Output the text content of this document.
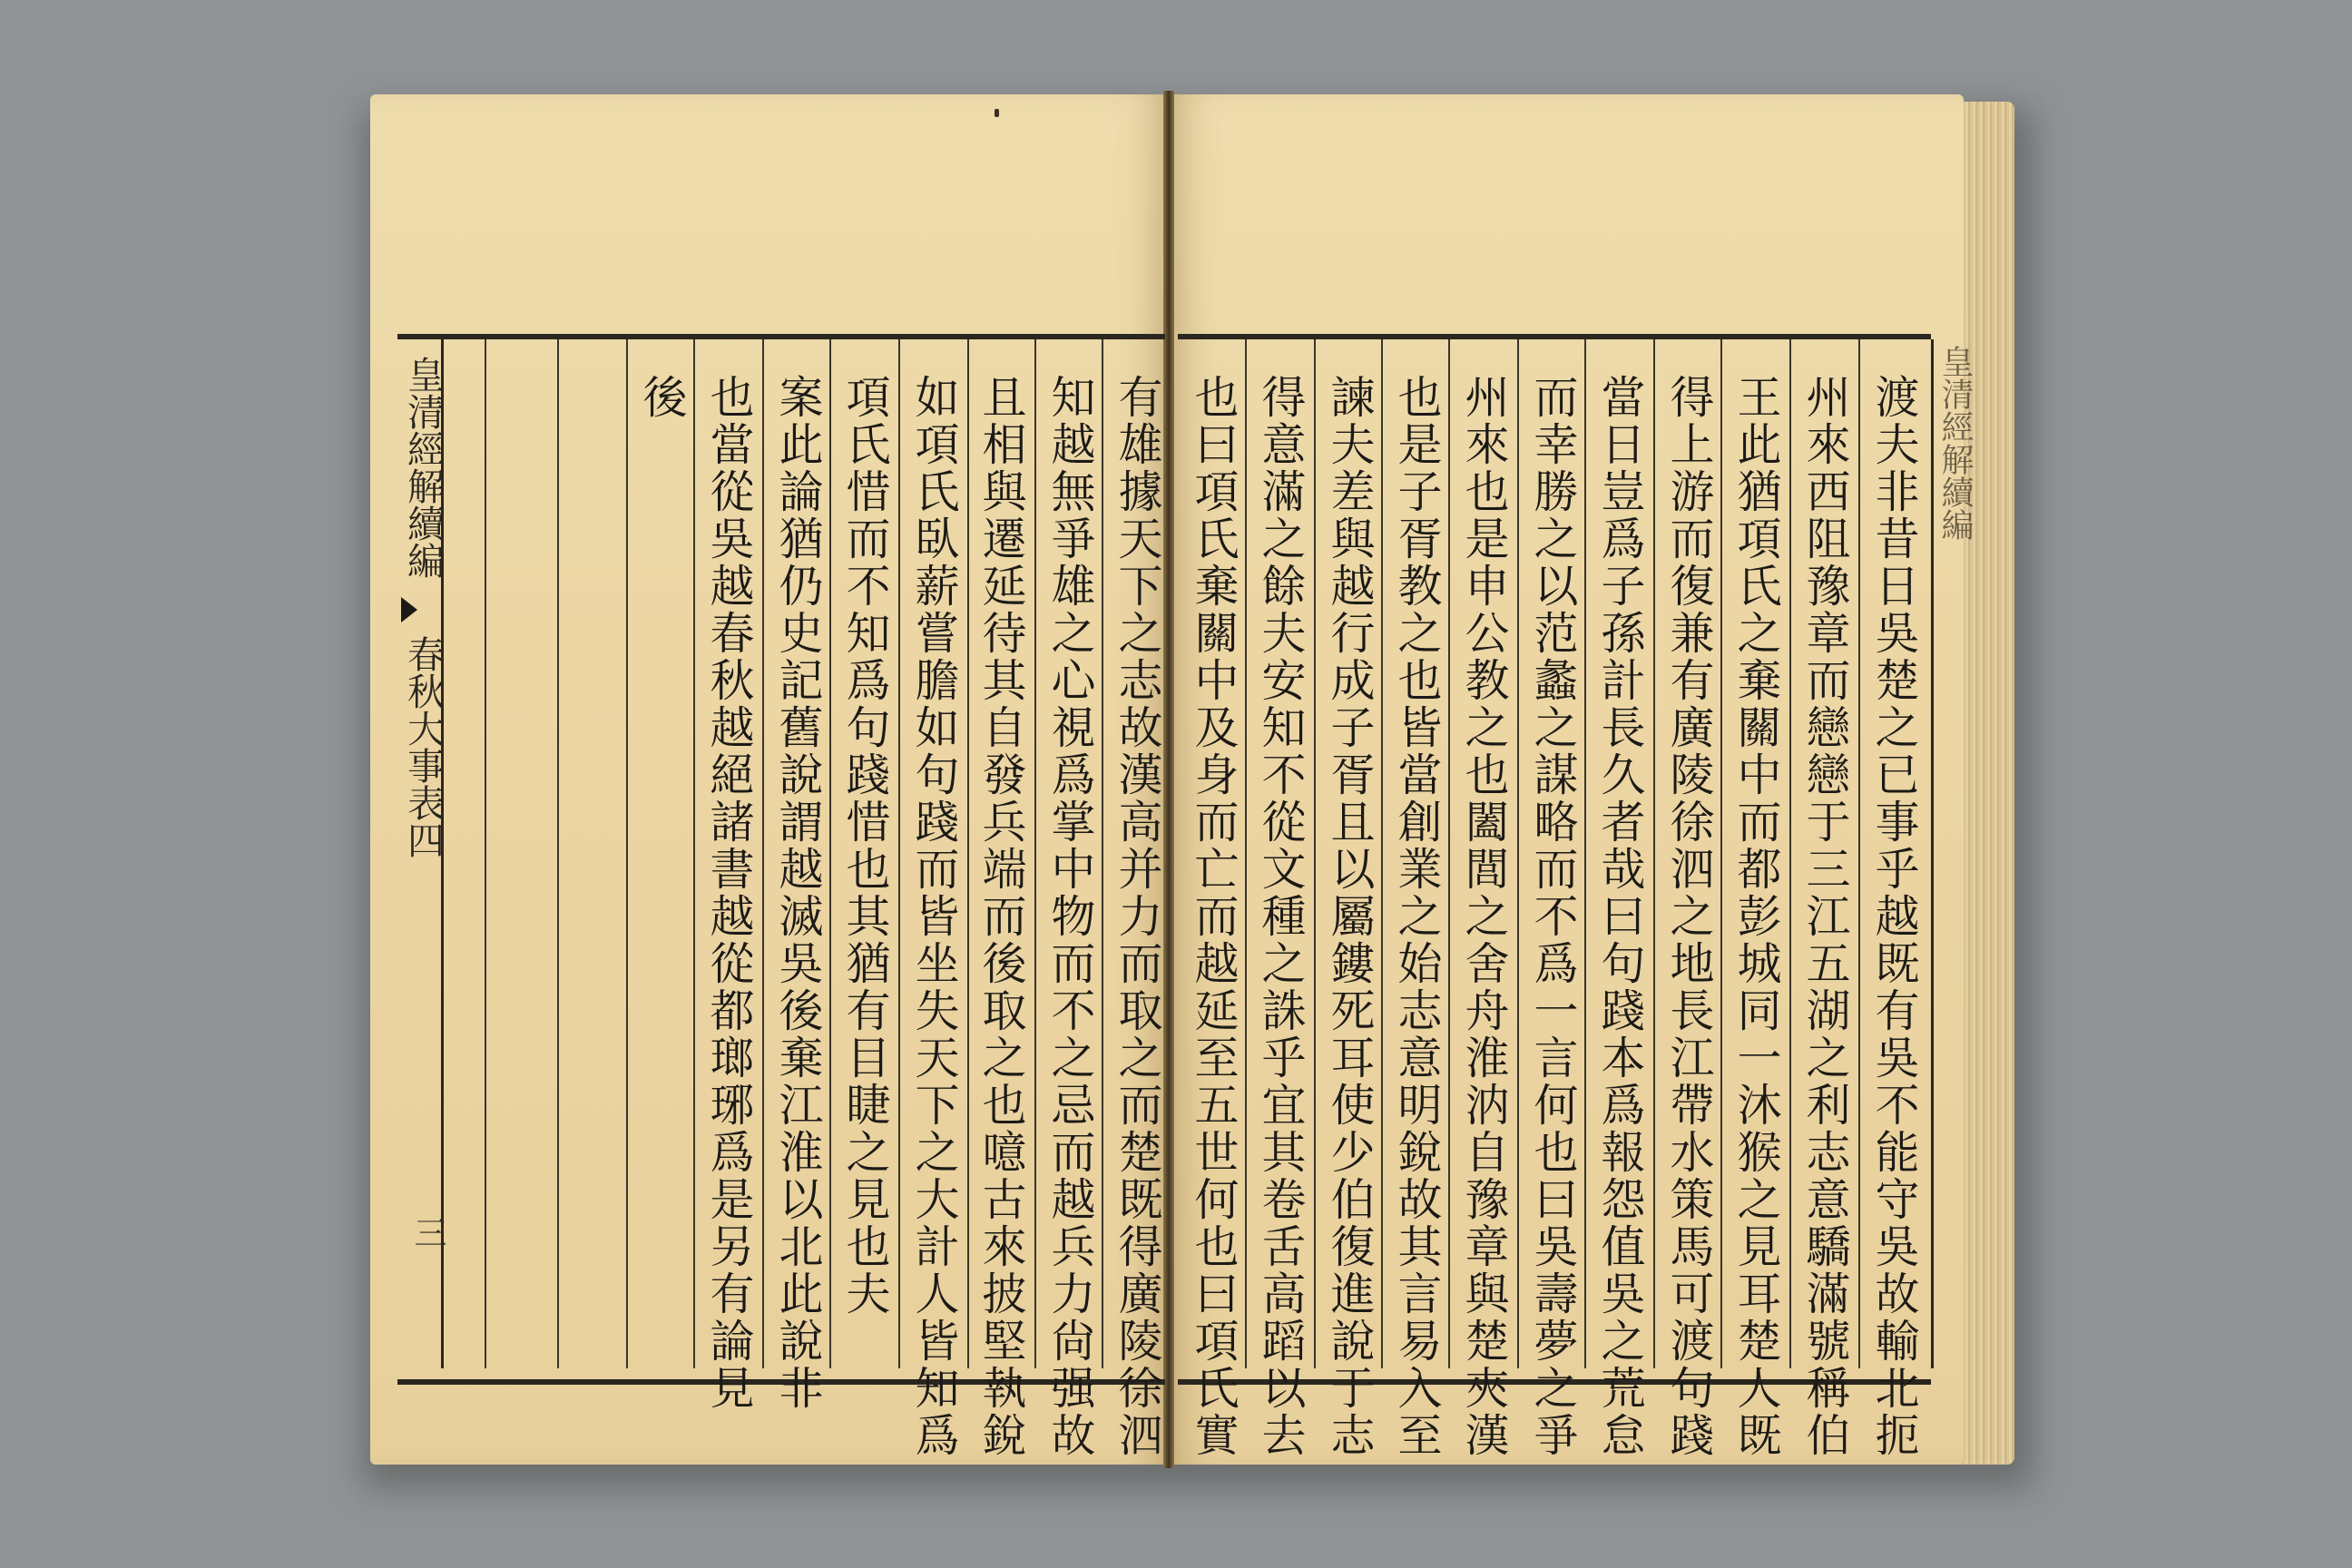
皇清經解續編
春秋大事表四
三
皇清經解續編
有雄據天下之志故漢高并力而取之而楚既得廣陵徐泗
知越無爭雄之心視爲掌中物而不之忌而越兵力尙强故
且相與遷延待其自發兵端而後取之也噫古來披堅執銳
如項氏臥薪嘗膽如句踐而皆坐失天下之大計人皆知爲
項氏惜而不知爲句踐惜也其猶有目睫之見也夫
案此論猶仍史記舊說謂越滅吳後棄江淮以北此說非
也當從吳越春秋越絕諸書越從都瑯琊爲是另有論見
後	渡夫非昔日吳楚之已事乎越既有吳不能守吳故輸北扼
州來西阻豫章而戀戀于三江五湖之利志意驕滿號稱伯
王此猶項氏之棄關中而都彭城同一沐猴之見耳楚人既
得上游而復兼有廣陵徐泗之地長江帶水策馬可渡句踐
當日豈爲子孫計長久者哉曰句踐本爲報怨值吳之荒怠
而幸勝之以范蠡之謀略而不爲一言何也曰吳壽夢之爭
州來也是申公教之也闔閭之舍舟淮汭自豫章與楚夾漢
也是子胥教之也皆當創業之始志意明銳故其言易入至
諫夫差與越行成子胥且以屬鏤死耳使少伯復進說于志
得意滿之餘夫安知不從文種之誅乎宜其卷舌高蹈以去
也曰項氏棄關中及身而亡而越延至五世何也曰項氏實
